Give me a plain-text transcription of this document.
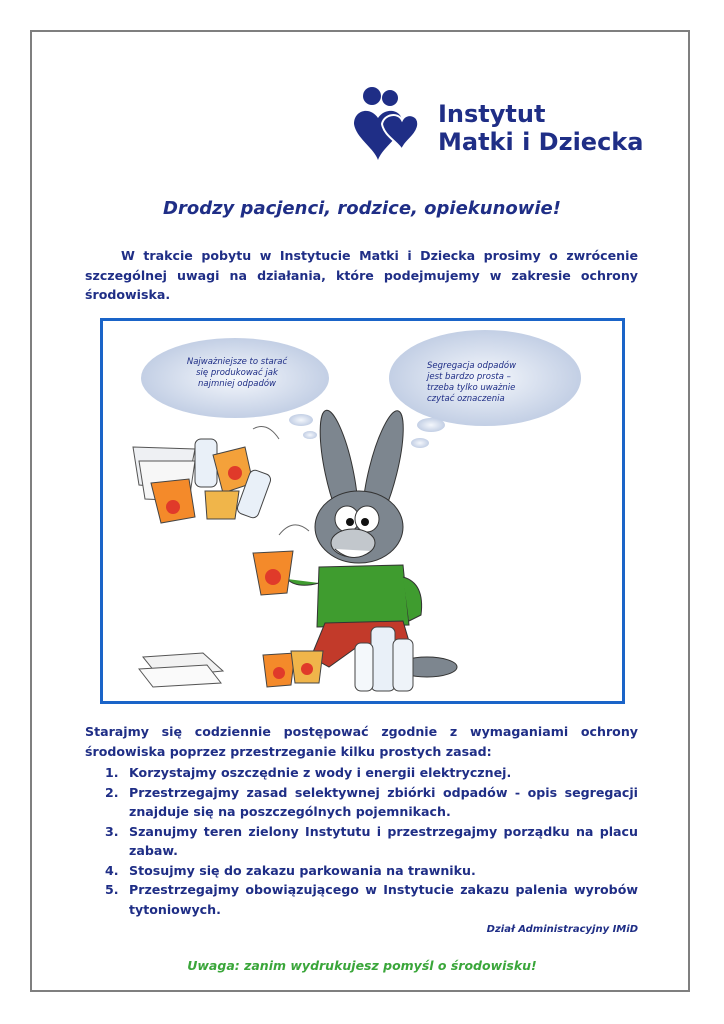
Instytut
Matki i Dziecka
Drodzy pacjenci, rodzice, opiekunowie!
W trakcie pobytu w Instytucie Matki i Dziecka prosimy o zwrócenie szczególnej uwagi na działania, które podejmujemy w zakresie ochrony środowiska.
Najważniejsze to starać
się produkować jak
najmniej odpadów
Segregacja odpadów
jest bardzo prosta –
trzeba tylko uważnie
czytać oznaczenia
Starajmy się codziennie postępować zgodnie z wymaganiami ochrony środowiska poprzez przestrzeganie kilku prostych zasad:
1. Korzystajmy oszczędnie z wody i energii elektrycznej.
2. Przestrzegajmy zasad selektywnej zbiórki odpadów - opis segregacji znajduje się na poszczególnych pojemnikach.
3. Szanujmy teren zielony Instytutu i przestrzegajmy porządku na placu zabaw.
4. Stosujmy się do zakazu parkowania na trawniku.
5. Przestrzegajmy obowiązującego w Instytucie zakazu palenia wyrobów tytoniowych.
Dział Administracyjny IMiD
Uwaga: zanim wydrukujesz pomyśl o środowisku!
